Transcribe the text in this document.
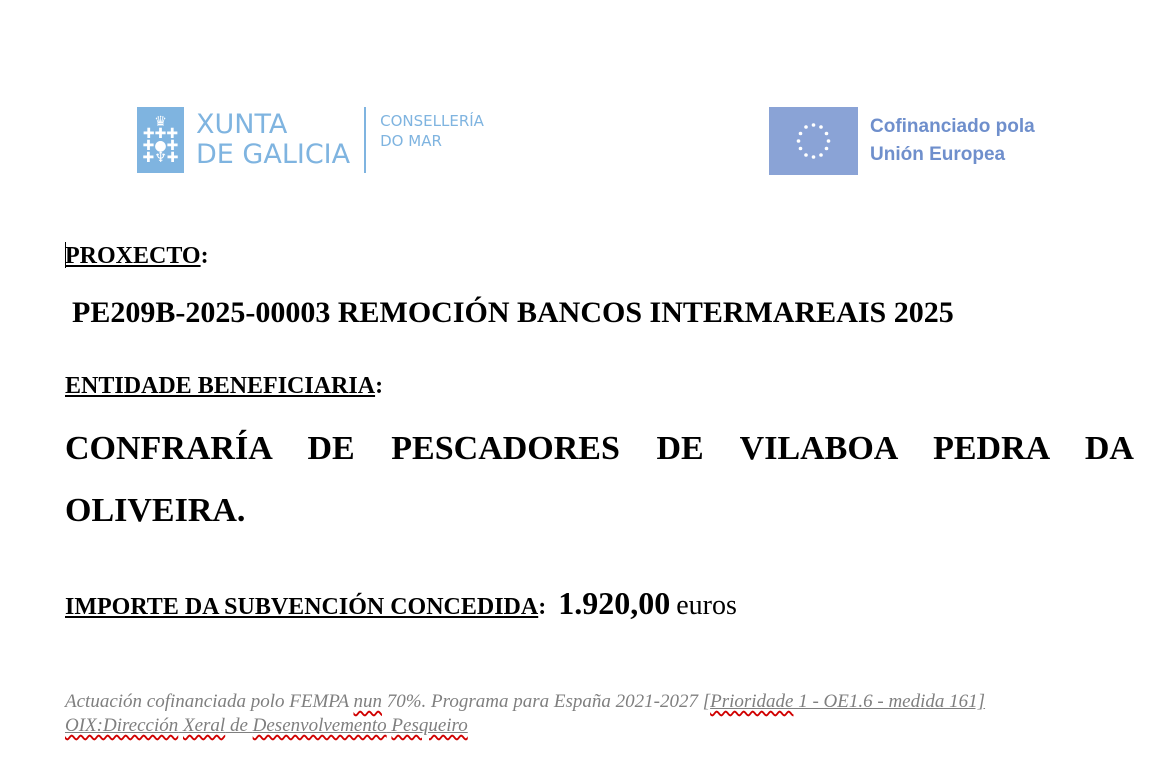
♛
✚✚✚
✚●✚
✚♆✚
XUNTA
DE GALICIA
CONSELLERÍA
DO MAR
Cofinanciado pola
Unión Europea
PROXECTO:
PE209B-2025-00003 REMOCIÓN BANCOS INTERMAREAIS 2025
ENTIDADE BENEFICIARIA:
CONFRARÍA DE PESCADORES DE VILABOA PEDRA DA OLIVEIRA.
IMPORTE DA SUBVENCIÓN CONCEDIDA: 1.920,00 euros
Actuación cofinanciada polo FEMPA nun 70%. Programa para España 2021-2027 [Prioridade 1 - OE1.6 - medida 161]
OIX:Dirección Xeral de Desenvolvemento Pesqueiro
